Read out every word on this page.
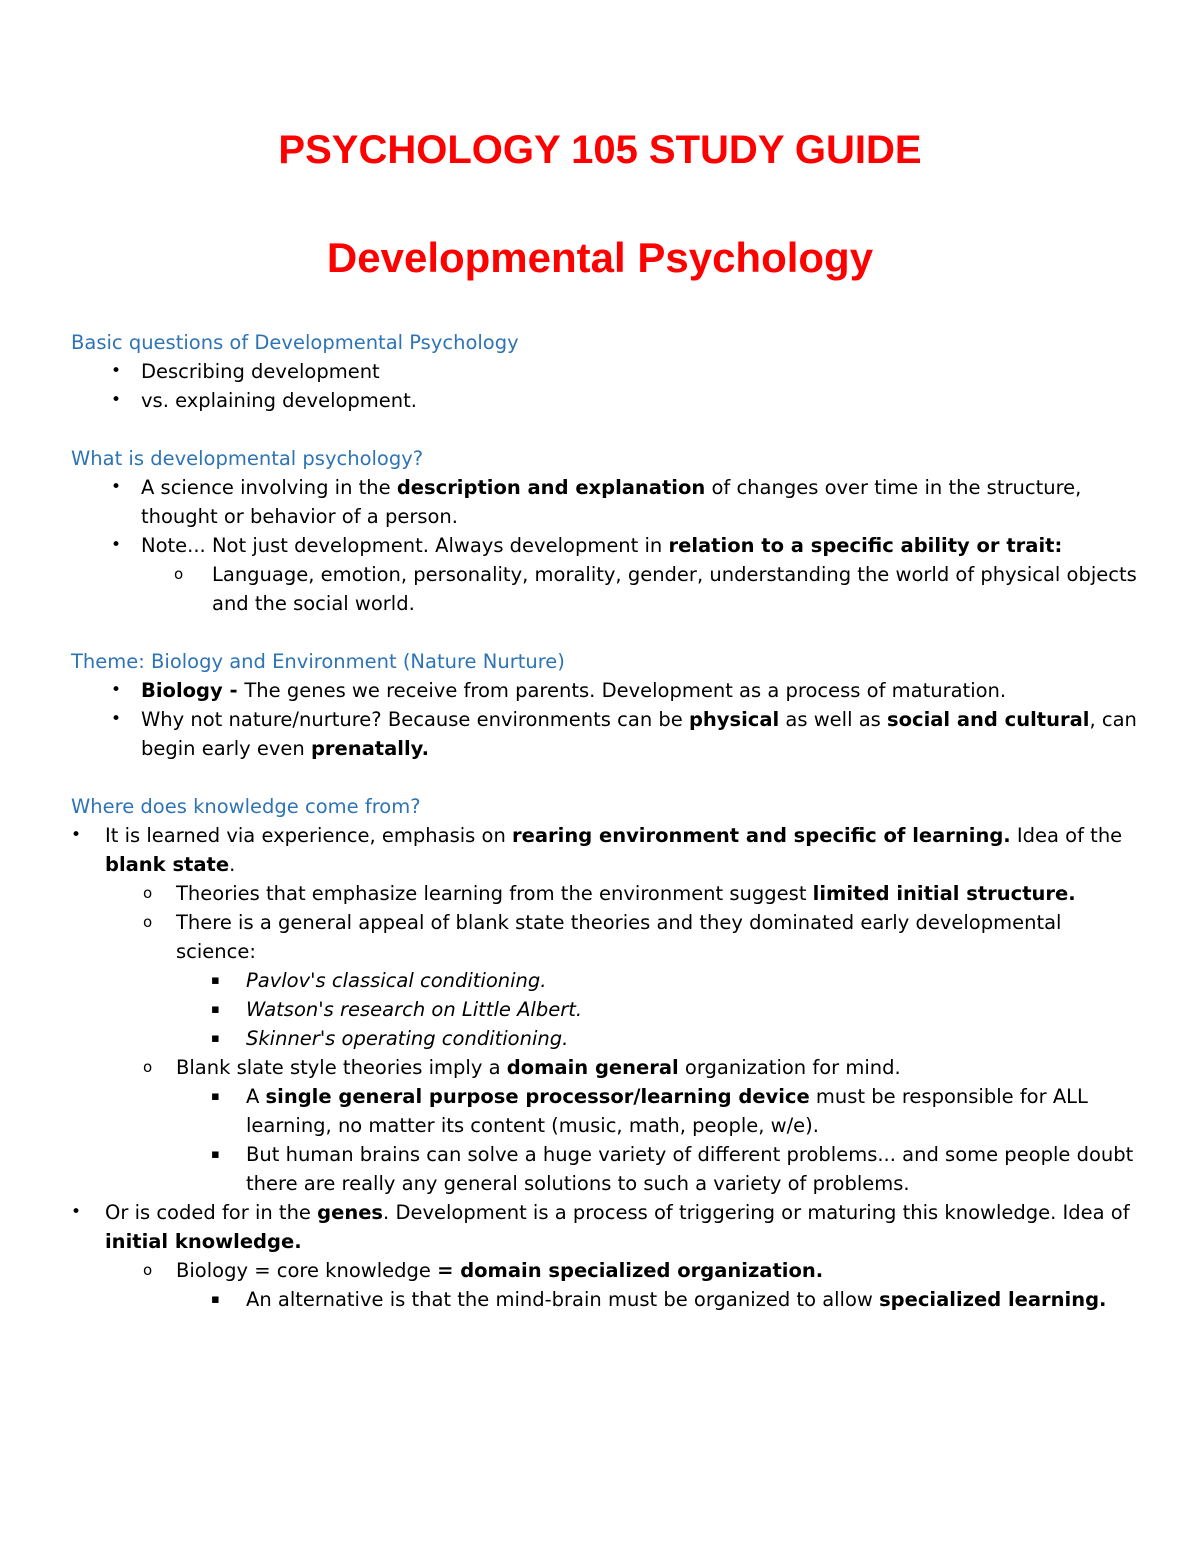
PSYCHOLOGY 105 STUDY GUIDE
Developmental Psychology
Basic questions of Developmental Psychology
• Describing development
• vs. explaining development.
What is developmental psychology?
• A science involving in the description and explanation of changes over time in the structure, thought or behavior of a person.
• Note... Not just development. Always development in relation to a specific ability or trait:
o Language, emotion, personality, morality, gender, understanding the world of physical objects and the social world.
Theme: Biology and Environment (Nature Nurture)
• Biology - The genes we receive from parents. Development as a process of maturation.
• Why not nature/nurture? Because environments can be physical as well as social and cultural, can begin early even prenatally.
Where does knowledge come from?
• It is learned via experience, emphasis on rearing environment and specific of learning. Idea of the blank state.
o Theories that emphasize learning from the environment suggest limited initial structure.
o There is a general appeal of blank state theories and they dominated early developmental science:
▪ Pavlov's classical conditioning.
▪ Watson's research on Little Albert.
▪ Skinner's operating conditioning.
o Blank slate style theories imply a domain general organization for mind.
▪ A single general purpose processor/learning device must be responsible for ALL learning, no matter its content (music, math, people, w/e).
▪ But human brains can solve a huge variety of different problems... and some people doubt there are really any general solutions to such a variety of problems.
• Or is coded for in the genes. Development is a process of triggering or maturing this knowledge. Idea of initial knowledge.
o Biology = core knowledge = domain specialized organization.
▪ An alternative is that the mind-brain must be organized to allow specialized learning.
